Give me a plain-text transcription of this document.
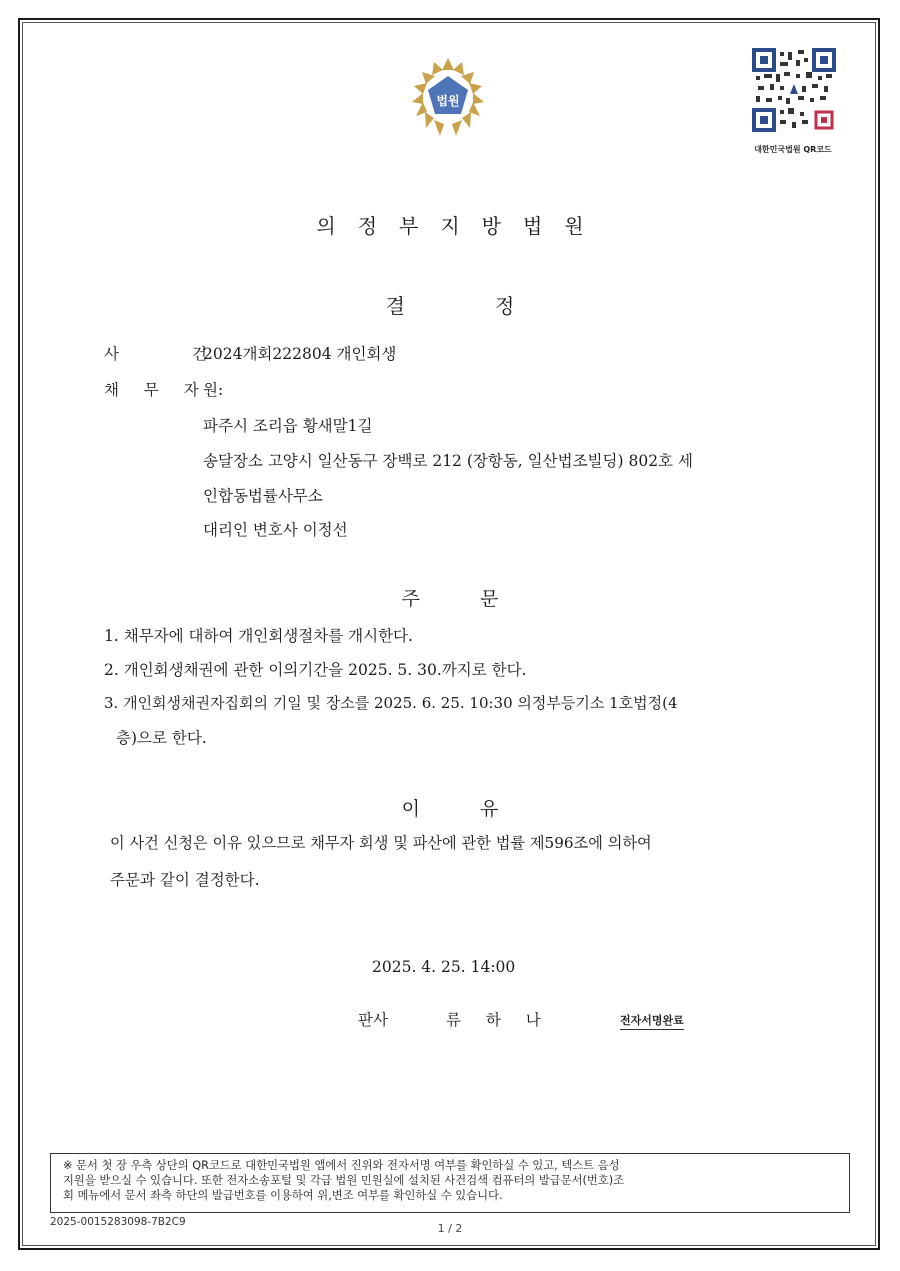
법원
대한민국법원 QR코드
의정부지방법원
결정
사 건
2024개회222804 개인회생
채 무 자
원:
파주시 조리읍 황새말1길
송달장소 고양시 일산동구 장백로 212 (장항동, 일산법조빌딩) 802호 세
인합동법률사무소
대리인 변호사 이정선
주문
1. 채무자에 대하여 개인회생절차를 개시한다.
2. 개인회생채권에 관한 이의기간을 2025. 5. 30.까지로 한다.
3. 개인회생채권자집회의 기일 및 장소를 2025. 6. 25. 10:30 의정부등기소 1호법정(4
층)으로 한다.
이유
이 사건 신청은 이유 있으므로 채무자 회생 및 파산에 관한 법률 제596조에 의하여
주문과 같이 결정한다.
2025. 4. 25. 14:00
판사	류 하 나	전자서명완료
※ 문서 첫 장 우측 상단의 QR코드로 대한민국법원 앱에서 진위와 전자서명 여부를 확인하실 수 있고, 텍스트 음성
지원을 받으실 수 있습니다. 또한 전자소송포털 및 각급 법원 민원실에 설치된 사건검색 컴퓨터의 발급문서(번호)조
회 메뉴에서 문서 좌측 하단의 발급번호를 이용하여 위,변조 여부를 확인하실 수 있습니다.
2025-0015283098-7B2C9	1 / 2
